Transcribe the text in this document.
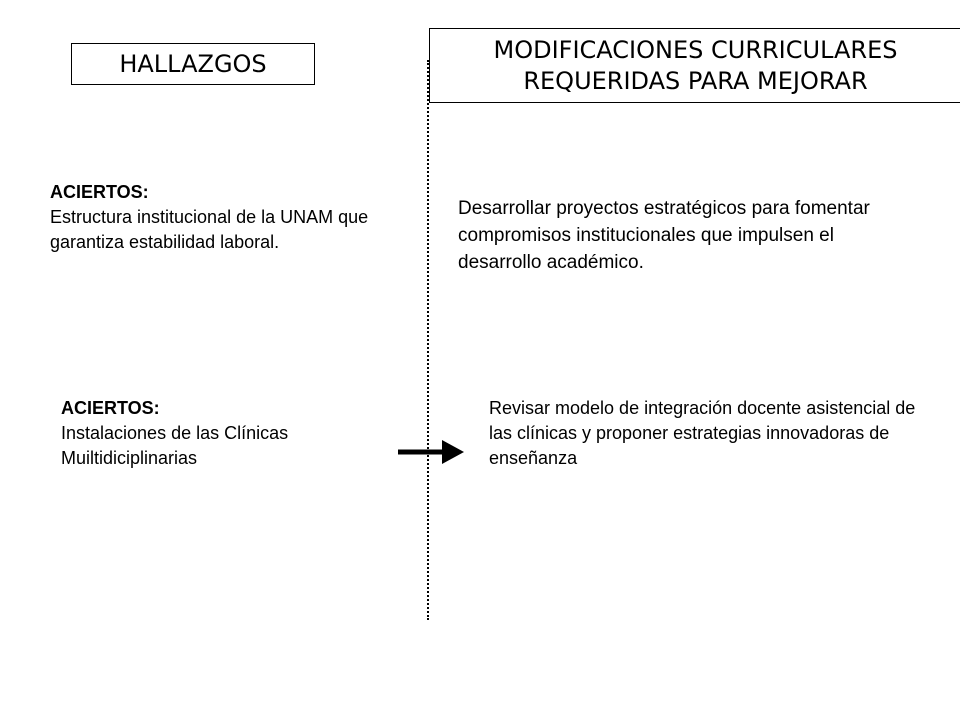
HALLAZGOS	MODIFICACIONES CURRICULARES
REQUERIDAS PARA MEJORAR
ACIERTOS:
Estructura institucional de la UNAM que garantiza estabilidad laboral.
Desarrollar proyectos estratégicos para fomentar compromisos institucionales que impulsen el desarrollo académico.
ACIERTOS:
Instalaciones de las Clínicas Muiltidiciplinarias
Revisar modelo de integración docente asistencial de las clínicas y proponer estrategias innovadoras de enseñanza
